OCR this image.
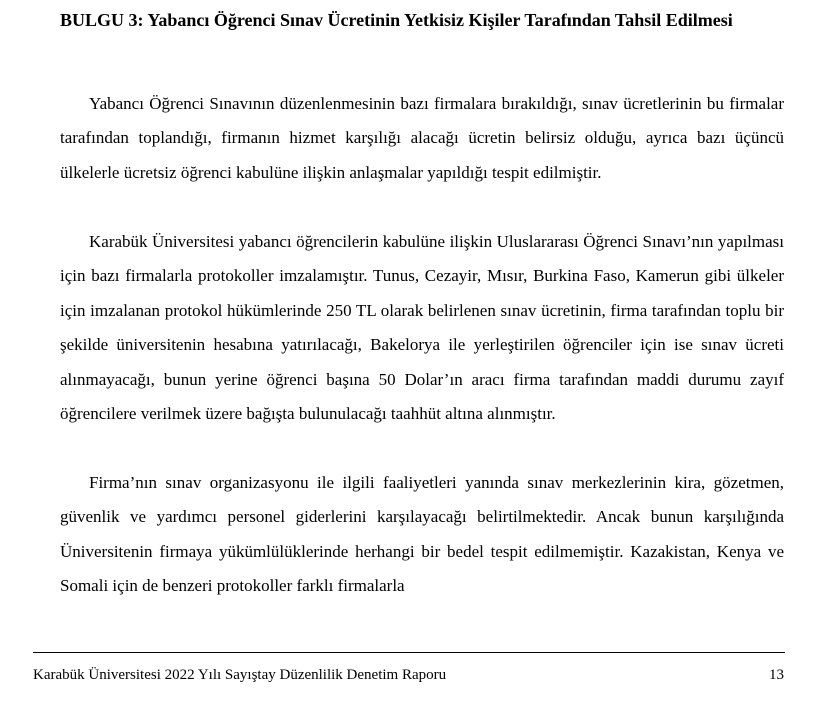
BULGU 3: Yabancı Öğrenci Sınav Ücretinin Yetkisiz Kişiler Tarafından Tahsil Edilmesi

Yabancı Öğrenci Sınavının düzenlenmesinin bazı firmalara bırakıldığı, sınav ücretlerinin bu firmalar tarafından toplandığı, firmanın hizmet karşılığı alacağı ücretin belirsiz olduğu, ayrıca bazı üçüncü ülkelerle ücretsiz öğrenci kabulüne ilişkin anlaşmalar yapıldığı tespit edilmiştir.

Karabük Üniversitesi yabancı öğrencilerin kabulüne ilişkin Uluslararası Öğrenci Sınavı’nın yapılması için bazı firmalarla protokoller imzalamıştır. Tunus, Cezayir, Mısır, Burkina Faso, Kamerun gibi ülkeler için imzalanan protokol hükümlerinde 250 TL olarak belirlenen sınav ücretinin, firma tarafından toplu bir şekilde üniversitenin hesabına yatırılacağı, Bakelorya ile yerleştirilen öğrenciler için ise sınav ücreti alınmayacağı, bunun yerine öğrenci başına 50 Dolar’ın aracı firma tarafından maddi durumu zayıf öğrencilere verilmek üzere bağışta bulunulacağı taahhüt altına alınmıştır.

Firma’nın sınav organizasyonu ile ilgili faaliyetleri yanında sınav merkezlerinin kira, gözetmen, güvenlik ve yardımcı personel giderlerini karşılayacağı belirtilmektedir. Ancak bunun karşılığında Üniversitenin firmaya yükümlülüklerinde herhangi bir bedel tespit edilmemiştir. Kazakistan, Kenya ve Somali için de benzeri protokoller farklı firmalarla

Karabük Üniversitesi 2022 Yılı Sayıştay Düzenlilik Denetim Raporu	13
